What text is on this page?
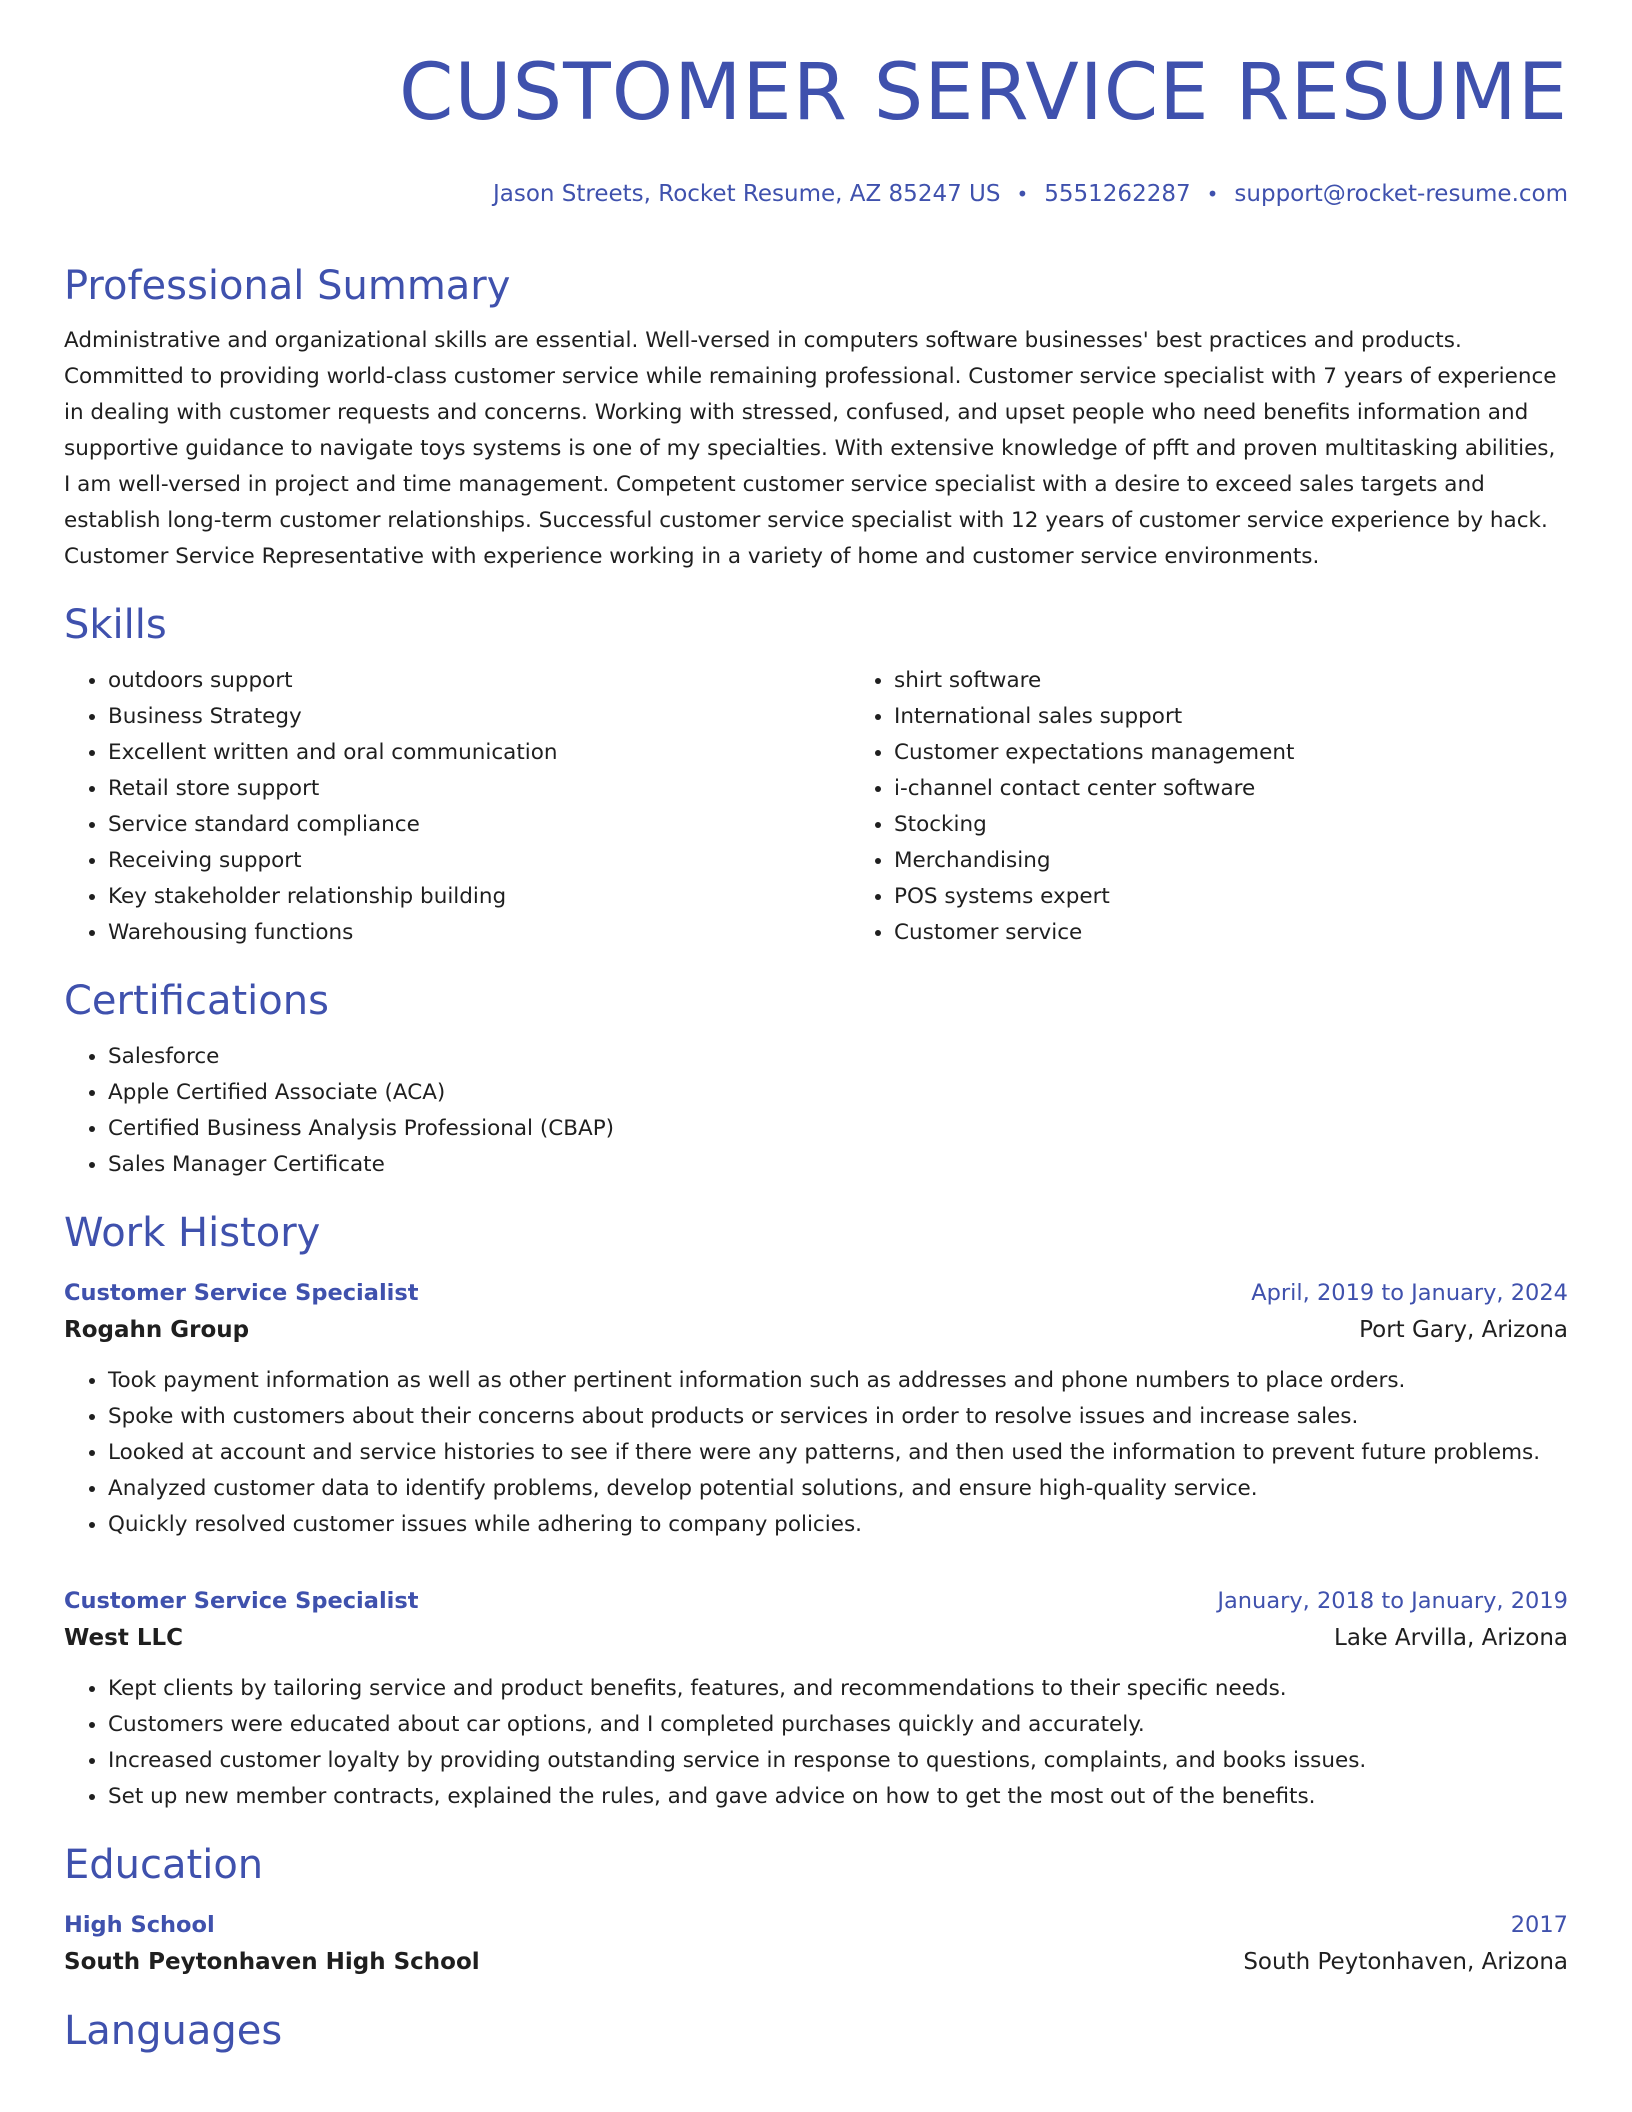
CUSTOMER SERVICE RESUME
Jason Streets, Rocket Resume, AZ 85247 US • 5551262287 • support@rocket-resume.com
Professional Summary

Administrative and organizational skills are essential. Well-versed in computers software businesses' best practices and products. Committed to providing world-class customer service while remaining professional. Customer service specialist with 7 years of experience in dealing with customer requests and concerns. Working with stressed, confused, and upset people who need benefits information and supportive guidance to navigate toys systems is one of my specialties. With extensive knowledge of pfft and proven multitasking abilities, I am well-versed in project and time management. Competent customer service specialist with a desire to exceed sales targets and establish long-term customer relationships. Successful customer service specialist with 12 years of customer service experience by hack. Customer Service Representative with experience working in a variety of home and customer service environments.

Skills
• outdoors support
• Business Strategy
• Excellent written and oral communication
• Retail store support
• Service standard compliance
• Receiving support
• Key stakeholder relationship building
• Warehousing functions
• shirt software
• International sales support
• Customer expectations management
• i-channel contact center software
• Stocking
• Merchandising
• POS systems expert
• Customer service
Certifications
• Salesforce
• Apple Certified Associate (ACA)
• Certified Business Analysis Professional (CBAP)
• Sales Manager Certificate
Work History
Customer Service Specialist	April, 2019 to January, 2024
Rogahn Group	Port Gary, Arizona
• Took payment information as well as other pertinent information such as addresses and phone numbers to place orders.
• Spoke with customers about their concerns about products or services in order to resolve issues and increase sales.
• Looked at account and service histories to see if there were any patterns, and then used the information to prevent future problems.
• Analyzed customer data to identify problems, develop potential solutions, and ensure high-quality service.
• Quickly resolved customer issues while adhering to company policies.
Customer Service Specialist	January, 2018 to January, 2019
West LLC	Lake Arvilla, Arizona
• Kept clients by tailoring service and product benefits, features, and recommendations to their specific needs.
• Customers were educated about car options, and I completed purchases quickly and accurately.
• Increased customer loyalty by providing outstanding service in response to questions, complaints, and books issues.
• Set up new member contracts, explained the rules, and gave advice on how to get the most out of the benefits.
Education
High School	2017
South Peytonhaven High School	South Peytonhaven, Arizona
Languages
